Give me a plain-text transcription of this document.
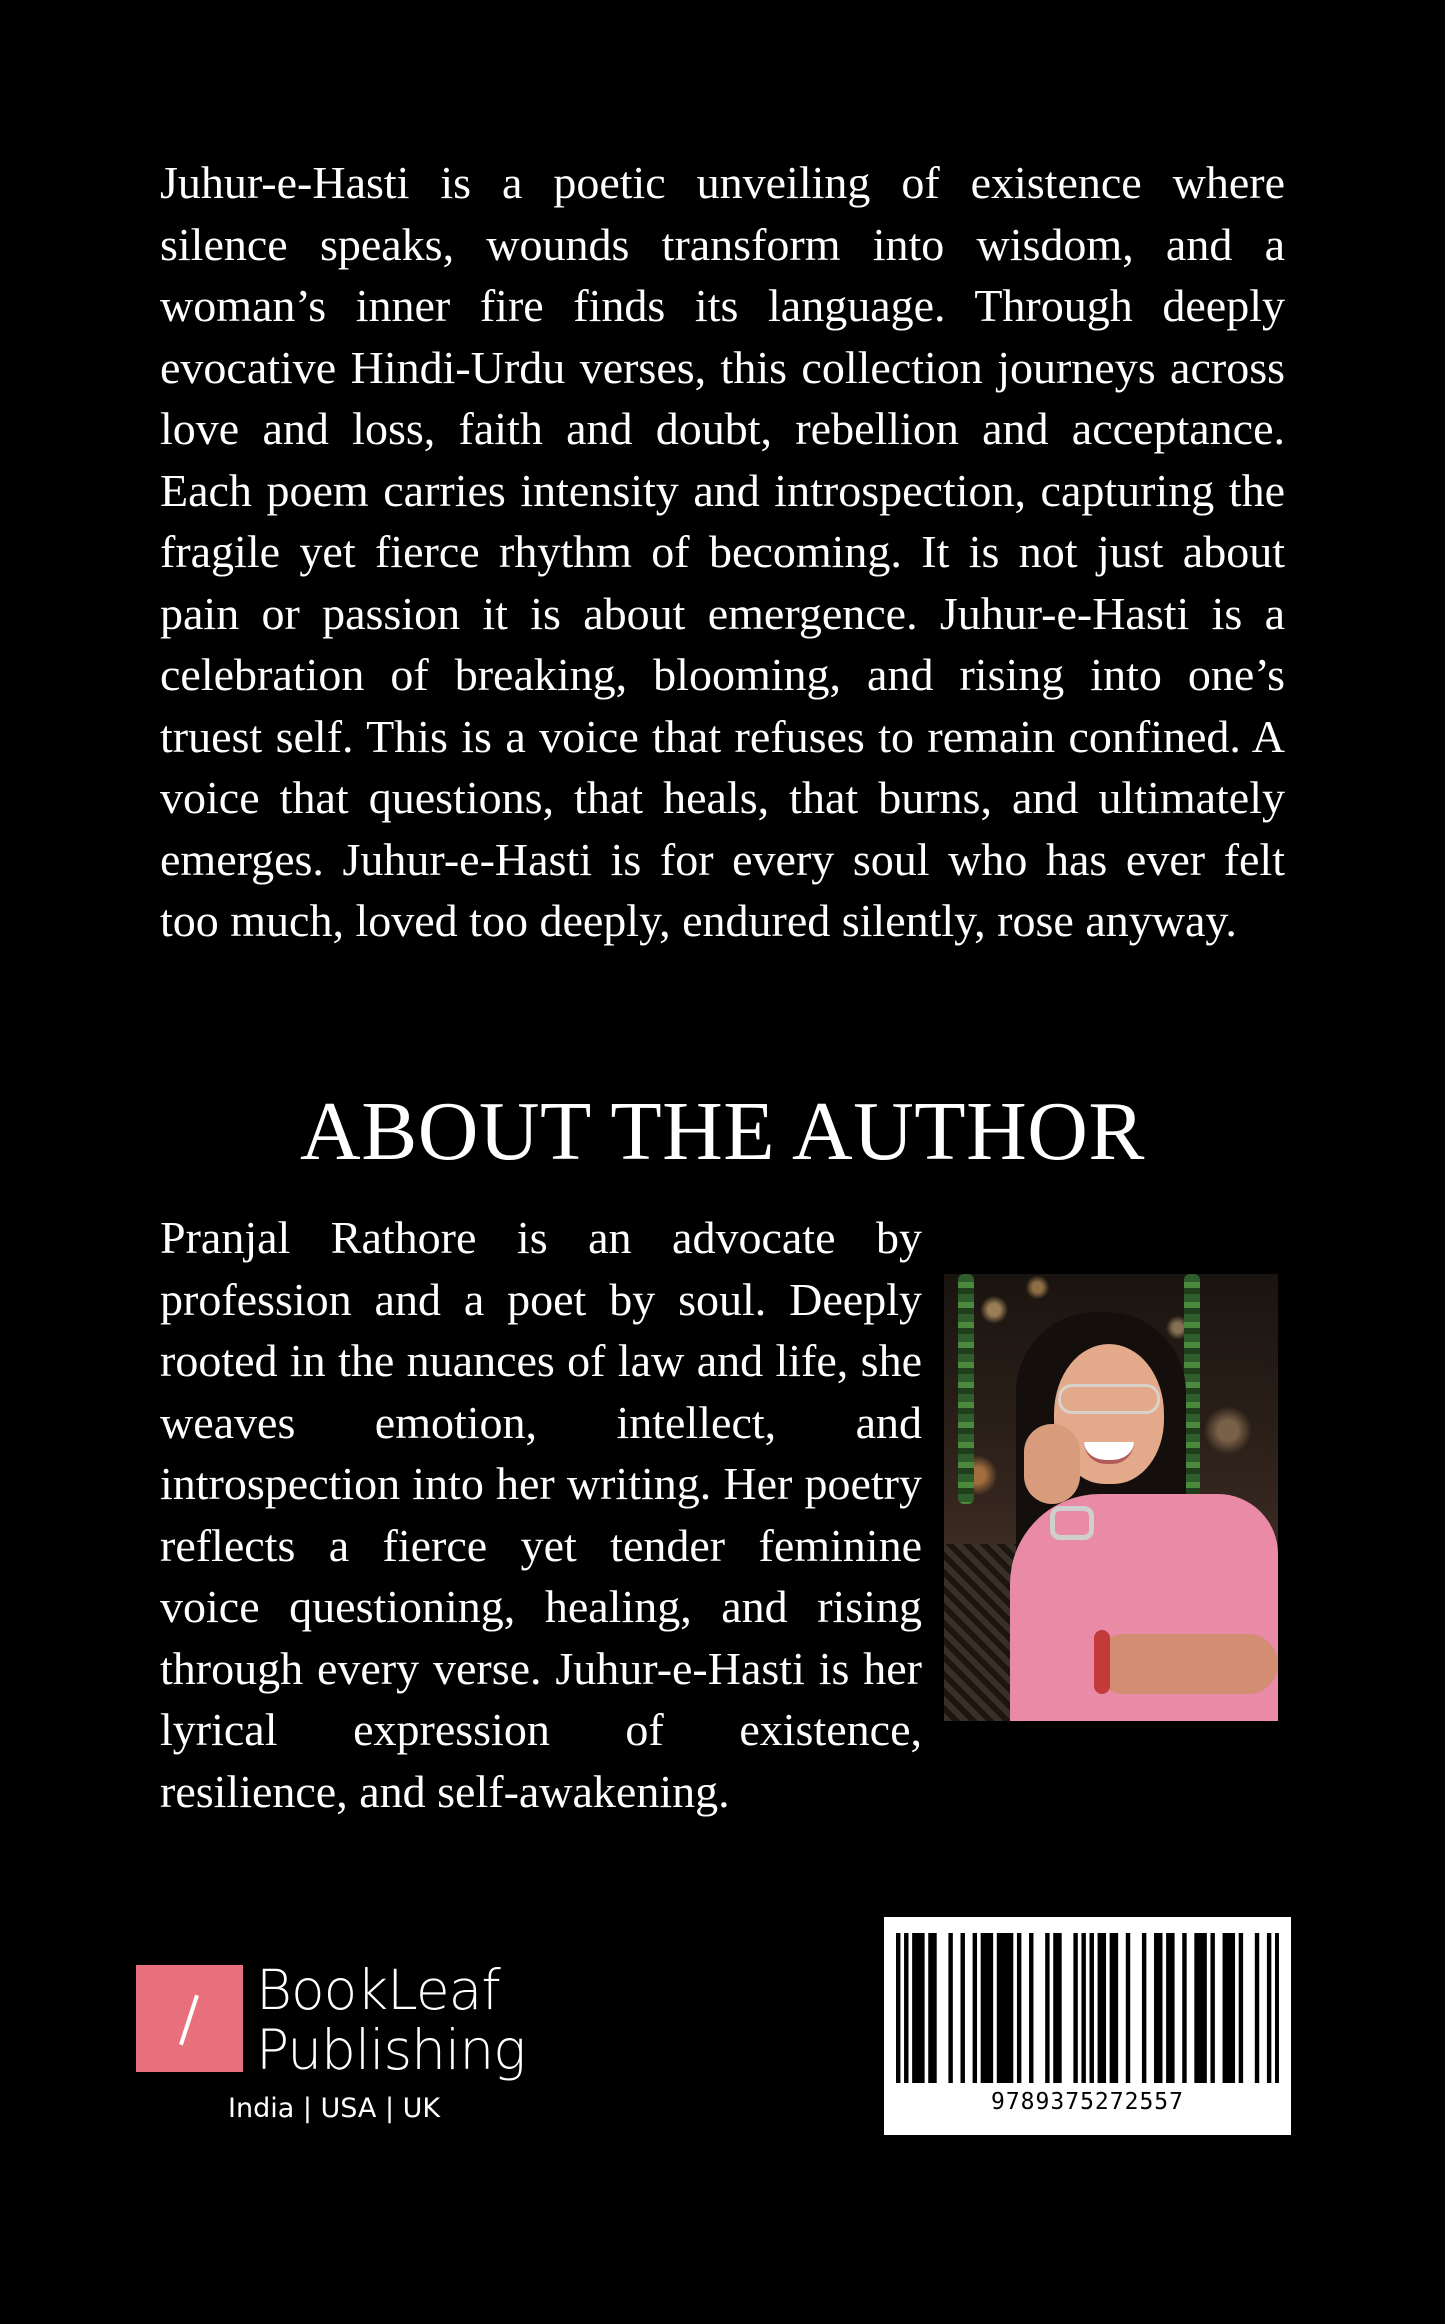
Juhur-e-Hasti is a poetic unveiling of existence where silence speaks, wounds transform into wisdom, and a woman’s inner fire finds its language. Through deeply evocative Hindi-Urdu verses, this collection journeys across love and loss, faith and doubt, rebellion and acceptance. Each poem carries intensity and introspection, capturing the fragile yet fierce rhythm of becoming. It is not just about pain or passion it is about emergence. Juhur-e-Hasti is a celebration of breaking, blooming, and rising into one’s truest self. This is a voice that refuses to remain confined. A voice that questions, that heals, that burns, and ultimately emerges. Juhur-e-Hasti is for every soul who has ever felt too much, loved too deeply, endured silently, rose anyway.

ABOUT THE AUTHOR

Pranjal Rathore is an advocate by profession and a poet by soul. Deeply rooted in the nuances of law and life, she weaves emotion, intellect, and introspection into her writing. Her poetry reflects a fierce yet tender feminine voice questioning, healing, and rising through every verse. Juhur-e-Hasti is her lyrical expression of existence, resilience, and self-awakening.

BookLeaf
Publishing
India | USA | UK	9789375272557
